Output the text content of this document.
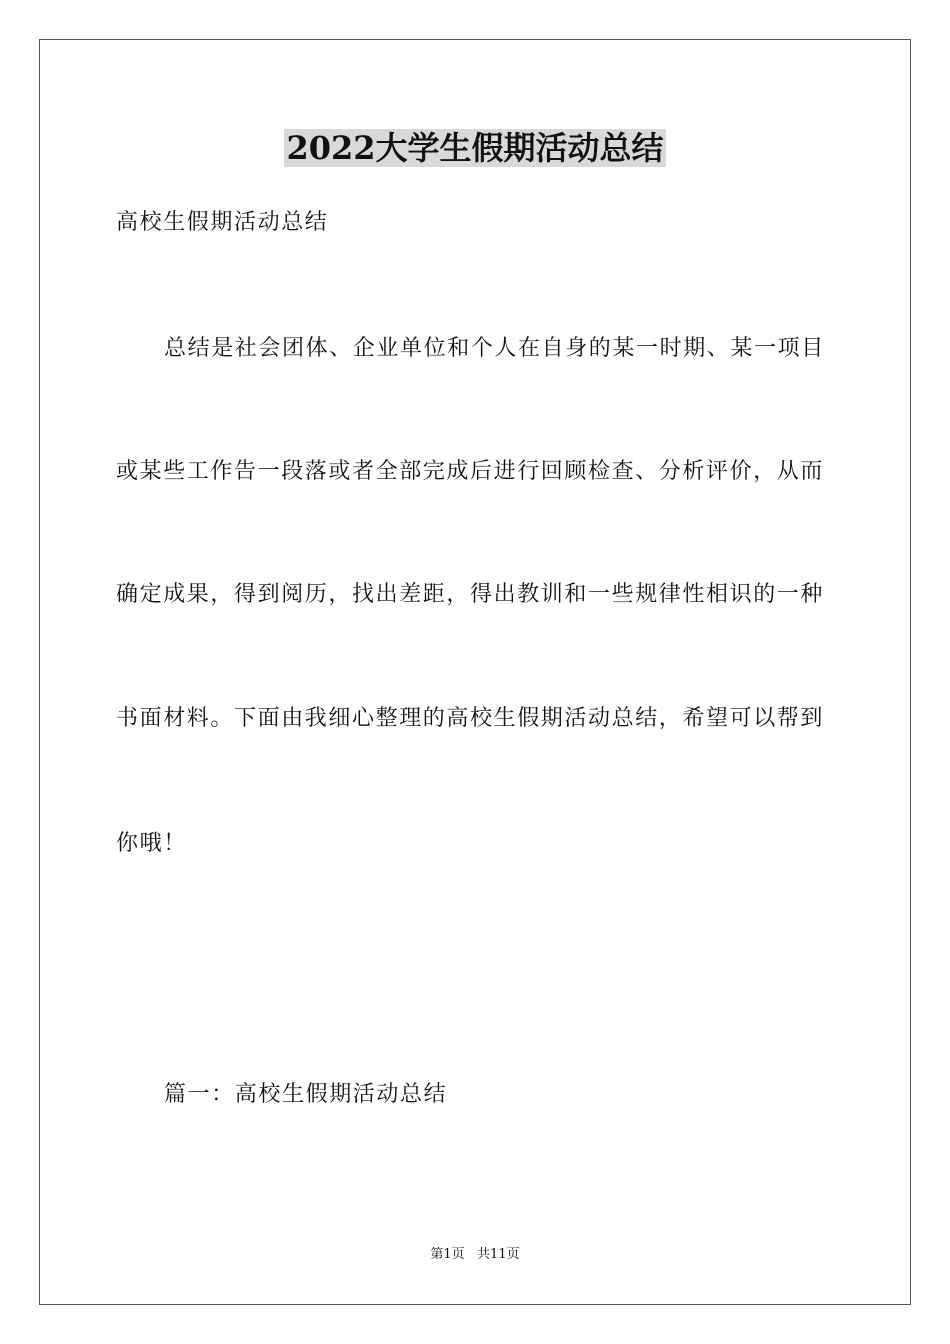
2022大学生假期活动总结
高校生假期活动总结
总结是社会团体、企业单位和个人在自身的某一时期、某一项目
或某些工作告一段落或者全部完成后进行回顾检查、分析评价，从而
确定成果，得到阅历，找出差距，得出教训和一些规律性相识的一种
书面材料。下面由我细心整理的高校生假期活动总结，希望可以帮到
你哦！
篇一：高校生假期活动总结
第1页   共11页
